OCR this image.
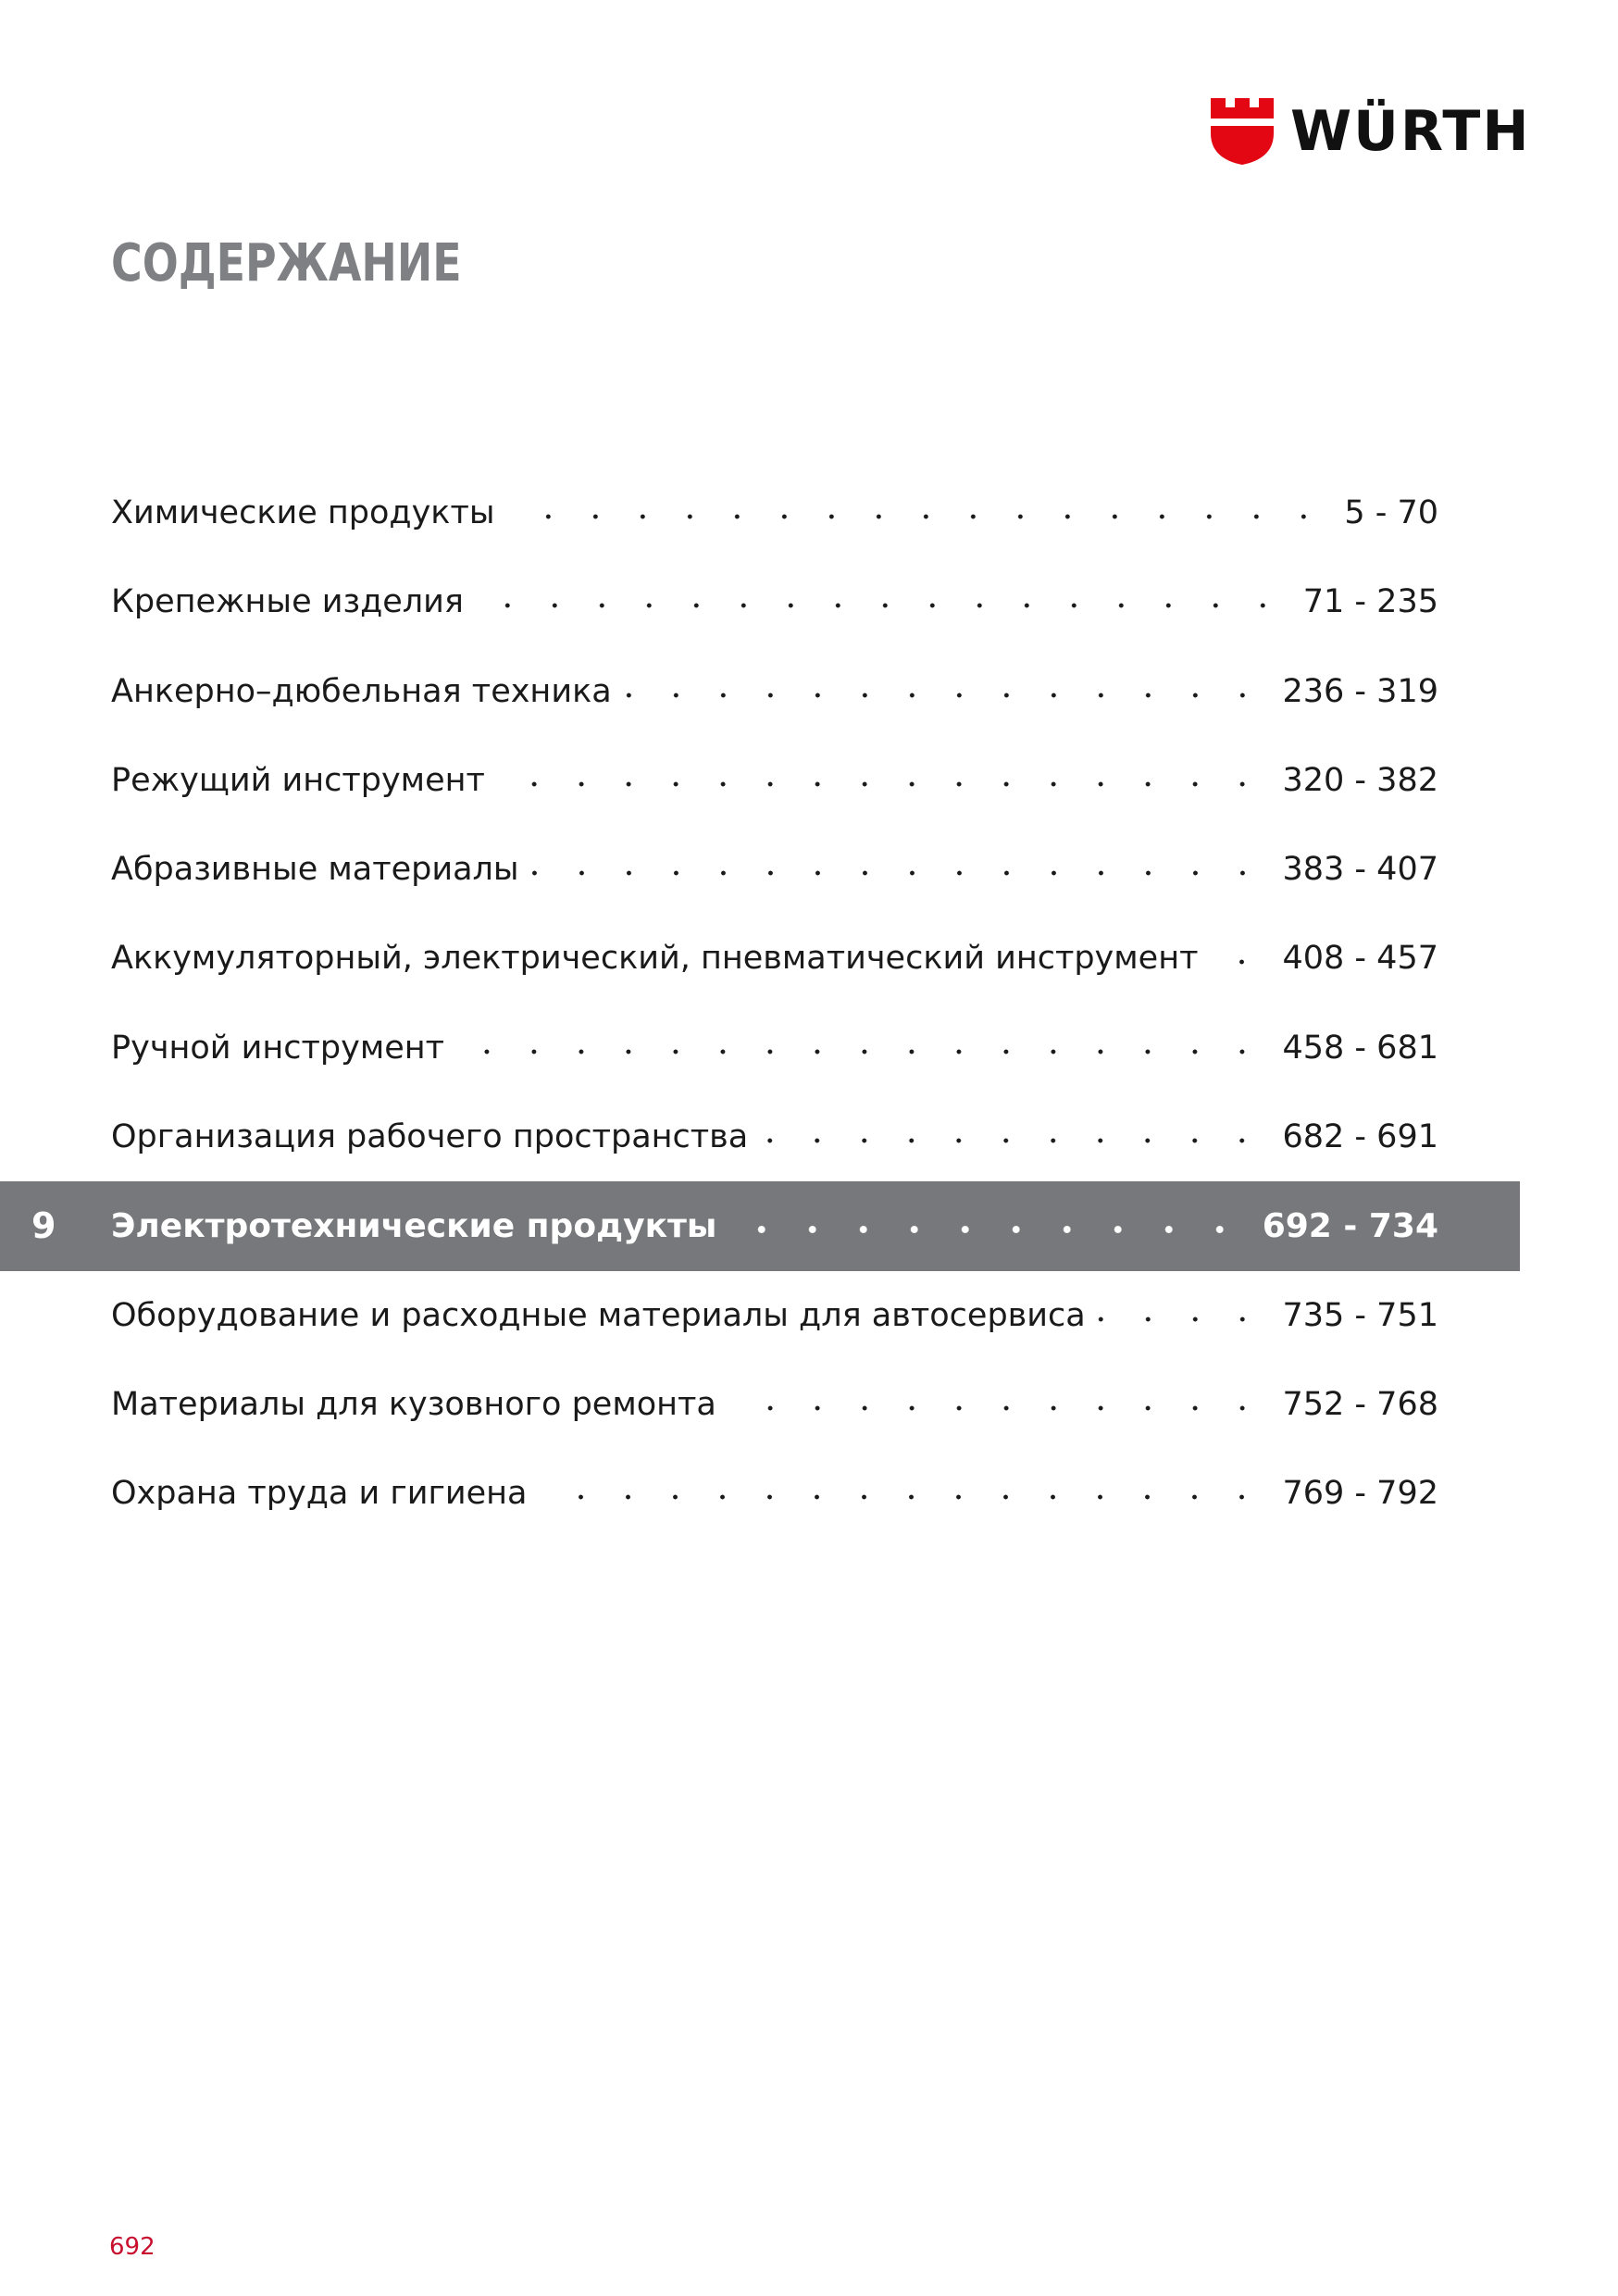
WÜRTH
СОДЕРЖАНИЕ
Химические продукты	5 - 70
Крепежные изделия	71 - 235
Анкерно–дюбельная техника	236 - 319
Режущий инструмент	320 - 382
Абразивные материалы	383 - 407
Аккумуляторный, электрический, пневматический инструмент	408 - 457
Ручной инструмент	458 - 681
Организация рабочего пространства	682 - 691
9 Электротехнические продукты	692 - 734
Оборудование и расходные материалы для автосервиса	735 - 751
Материалы для кузовного ремонта	752 - 768
Охрана труда и гигиена	769 - 792
692
